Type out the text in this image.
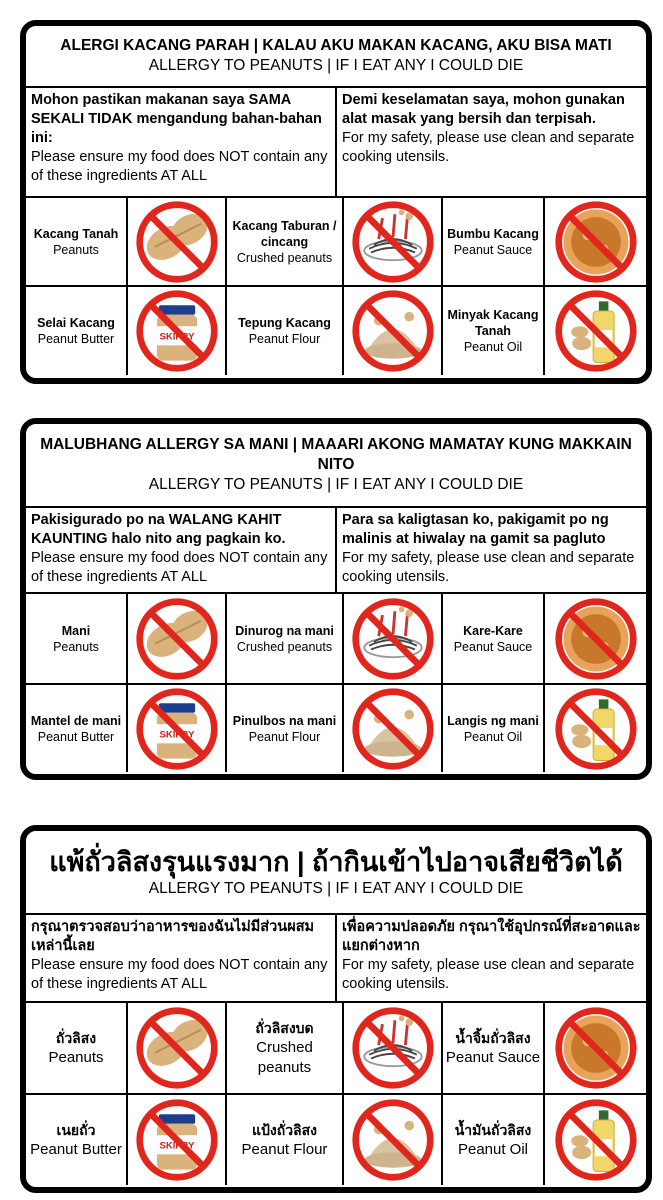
ALERGI KACANG PARAH | KALAU AKU MAKAN KACANG, AKU BISA MATI
ALLERGY TO PEANUTS | IF I EAT ANY I COULD DIE
Mohon pastikan makanan saya SAMA SEKALI TIDAK mengandung bahan-bahan ini:
Please ensure my food does NOT contain any of these ingredients AT ALL
Demi keselamatan saya, mohon gunakan alat masak yang bersih dan terpisah.
For my safety, please use clean and separate cooking utensils.
Kacang Tanah
Peanuts
Kacang Taburan / cincang
Crushed peanuts
Bumbu Kacang
Peanut Sauce
Selai Kacang
Peanut Butter	SKIPPY
Tepung Kacang
Peanut Flour
Minyak Kacang Tanah
Peanut Oil
MALUBHANG ALLERGY SA MANI | MAAARI AKONG MAMATAY KUNG MAKKAIN NITO
ALLERGY TO PEANUTS | IF I EAT ANY I COULD DIE
Pakisigurado po na WALANG KAHIT KAUNTING halo nito ang pagkain ko.
Please ensure my food does NOT contain any of these ingredients AT ALL
Para sa kaligtasan ko, pakigamit po ng malinis at hiwalay na gamit sa pagluto
For my safety, please use clean and separate cooking utensils.
Mani
Peanuts
Dinurog na mani
Crushed peanuts
Kare-Kare
Peanut Sauce
Mantel de mani
Peanut Butter	SKIPPY
Pinulbos na mani
Peanut Flour
Langis ng mani
Peanut Oil
แพ้ถั่วลิสงรุนแรงมาก | ถ้ากินเข้าไปอาจเสียชีวิตได้
ALLERGY TO PEANUTS | IF I EAT ANY I COULD DIE
กรุณาตรวจสอบว่าอาหารของฉันไม่มีส่วนผสมเหล่านี้เลย
Please ensure my food does NOT contain any of these ingredients AT ALL
เพื่อความปลอดภัย กรุณาใช้อุปกรณ์ที่สะอาดและแยกต่างหาก
For my safety, please use clean and separate cooking utensils.
ถั่วลิสง
Peanuts
ถั่วลิสงบด
Crushed peanuts
น้ำจิ้มถั่วลิสง
Peanut Sauce
เนยถั่ว
Peanut Butter	SKIPPY
แป้งถั่วลิสง
Peanut Flour
น้ำมันถั่วลิสง
Peanut Oil
